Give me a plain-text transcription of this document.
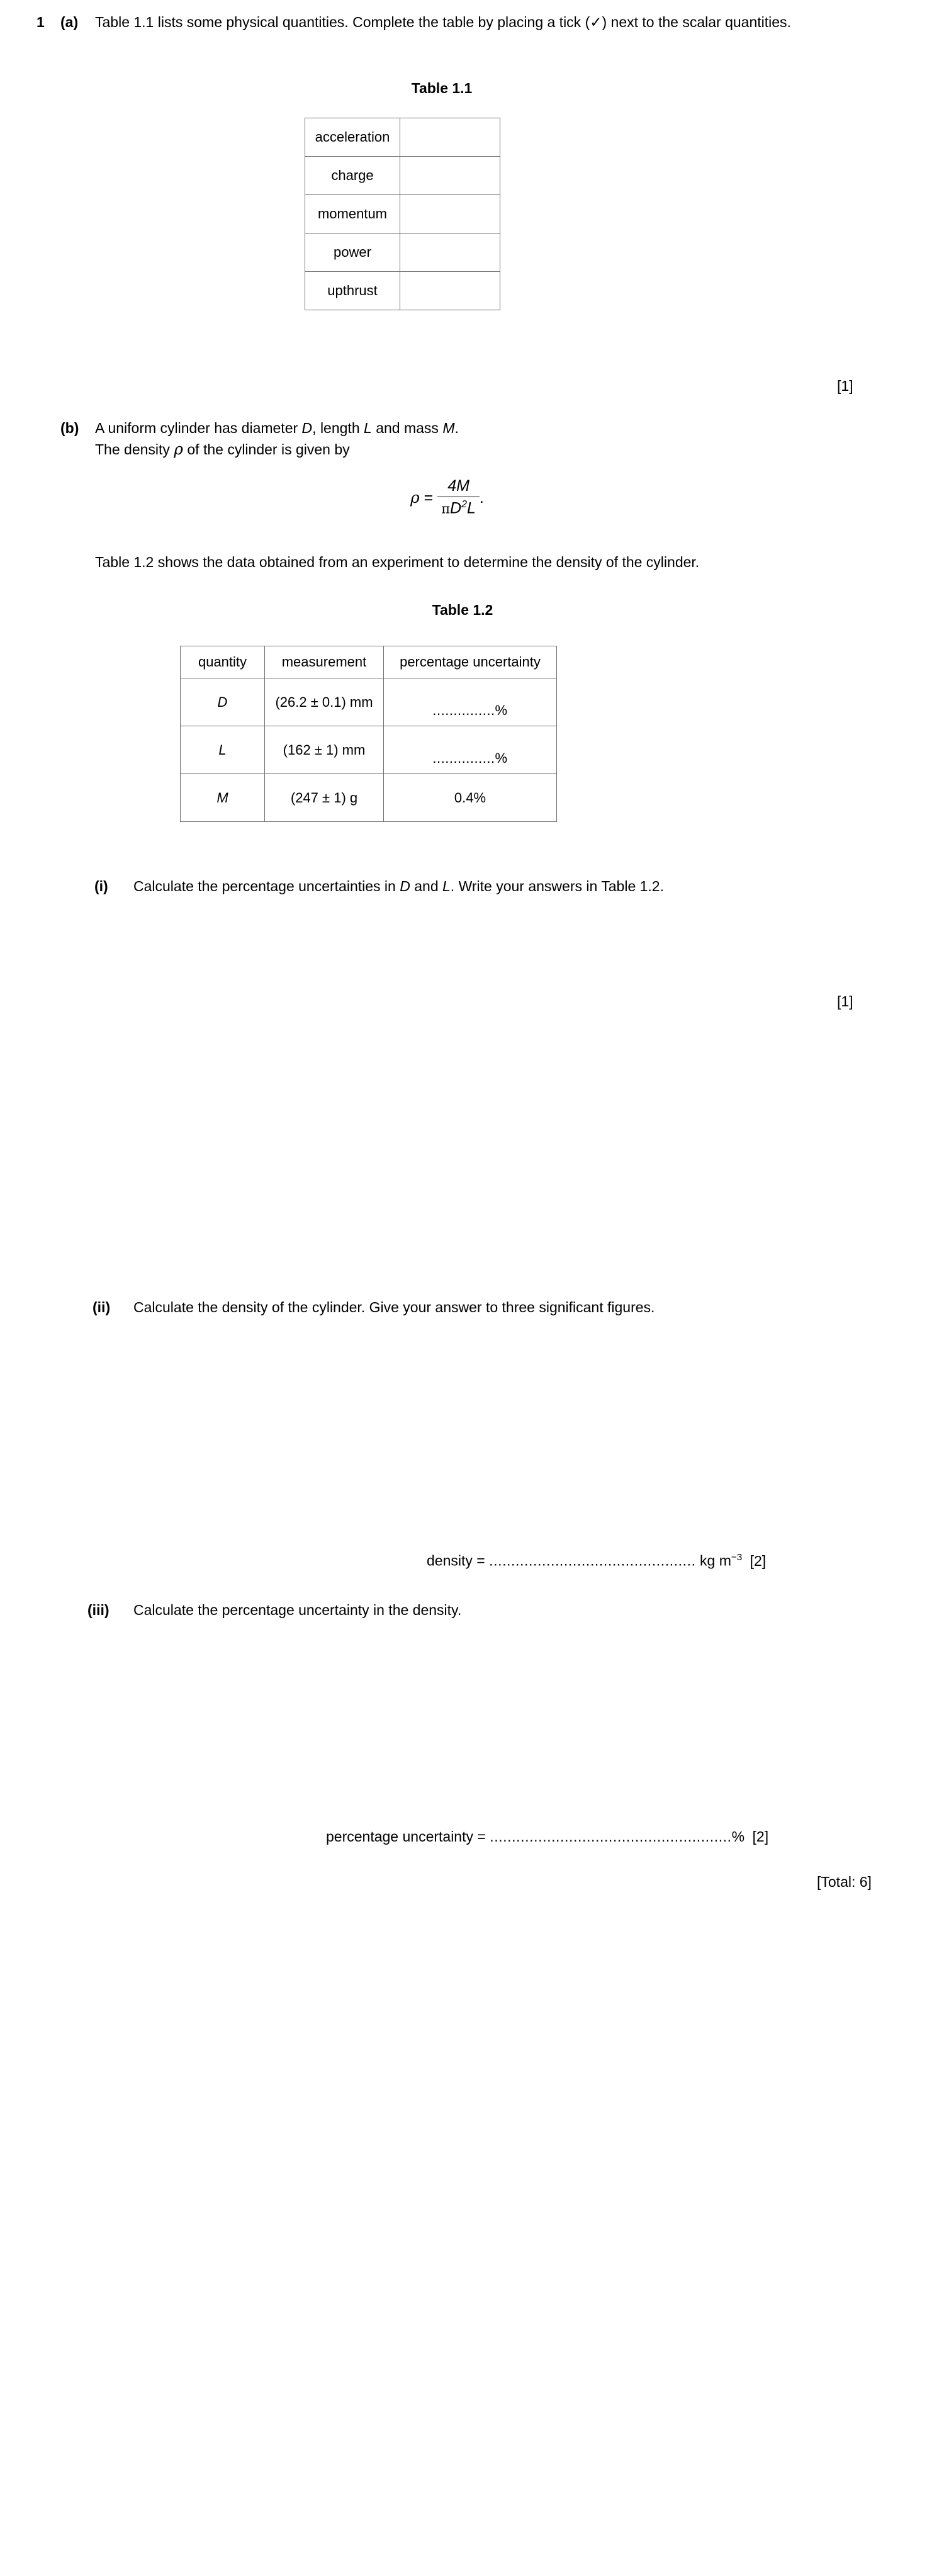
1 (a) Table 1.1 lists some physical quantities. Complete the table by placing a tick (✓) next to the scalar quantities.
Table 1.1
acceleration	
charge	
momentum	
power	
upthrust	
[1]
(b) A uniform cylinder has diameter D, length L and mass M.
The density ρ of the cylinder is given by
$\rho = \frac{4M}{\pi D^2L}$ .
Table 1.2 shows the data obtained from an experiment to determine the density of the cylinder.
Table 1.2
quantity	measurement	percentage uncertainty
D	(26.2 ± 0.1) mm	...............%

L	(162 ± 1) mm	...............%

M	(247 ± 1) g	0.4%
(i) Calculate the percentage uncertainties in D and L. Write your answers in Table 1.2.
[1]
(ii) Calculate the density of the cylinder. Give your answer to three significant figures.
density = ............................................... kg $m^{-3}$ [2]
(iii) Calculate the percentage uncertainty in the density.
percentage uncertainty = .......................................................% [2]
[Total: 6]
